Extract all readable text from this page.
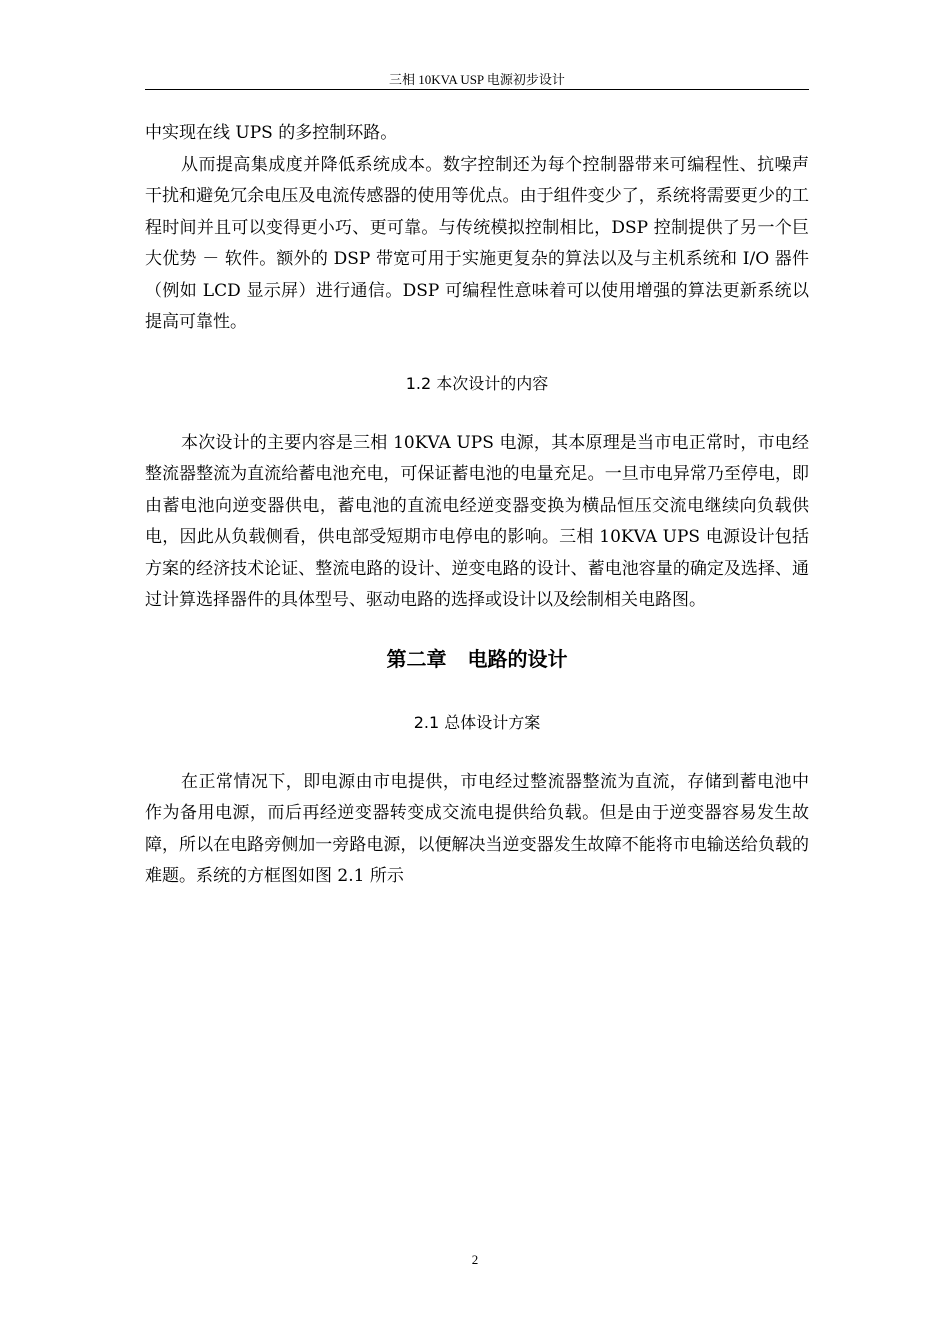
三相 10KVA USP 电源初步设计

中实现在线 UPS 的多控制环路。

从而提高集成度并降低系统成本。数字控制还为每个控制器带来可编程性、抗噪声干扰和避免冗余电压及电流传感器的使用等优点。由于组件变少了，系统将需要更少的工程时间并且可以变得更小巧、更可靠。与传统模拟控制相比，DSP 控制提供了另一个巨大优势 － 软件。额外的 DSP 带宽可用于实施更复杂的算法以及与主机系统和 I/O 器件（例如 LCD 显示屏）进行通信。DSP 可编程性意味着可以使用增强的算法更新系统以提高可靠性。

1.2 本次设计的内容

本次设计的主要内容是三相 10KVA UPS 电源，其本原理是当市电正常时，市电经整流器整流为直流给蓄电池充电，可保证蓄电池的电量充足。一旦市电异常乃至停电，即由蓄电池向逆变器供电，蓄电池的直流电经逆变器变换为横品恒压交流电继续向负载供电，因此从负载侧看，供电部受短期市电停电的影响。三相 10KVA UPS 电源设计包括方案的经济技术论证、整流电路的设计、逆变电路的设计、蓄电池容量的确定及选择、通过计算选择器件的具体型号、驱动电路的选择或设计以及绘制相关电路图。

第二章 电路的设计

2.1 总体设计方案

在正常情况下，即电源由市电提供，市电经过整流器整流为直流，存储到蓄电池中作为备用电源，而后再经逆变器转变成交流电提供给负载。但是由于逆变器容易发生故障，所以在电路旁侧加一旁路电源，以便解决当逆变器发生故障不能将市电输送给负载的难题。系统的方框图如图 2.1 所示

2
